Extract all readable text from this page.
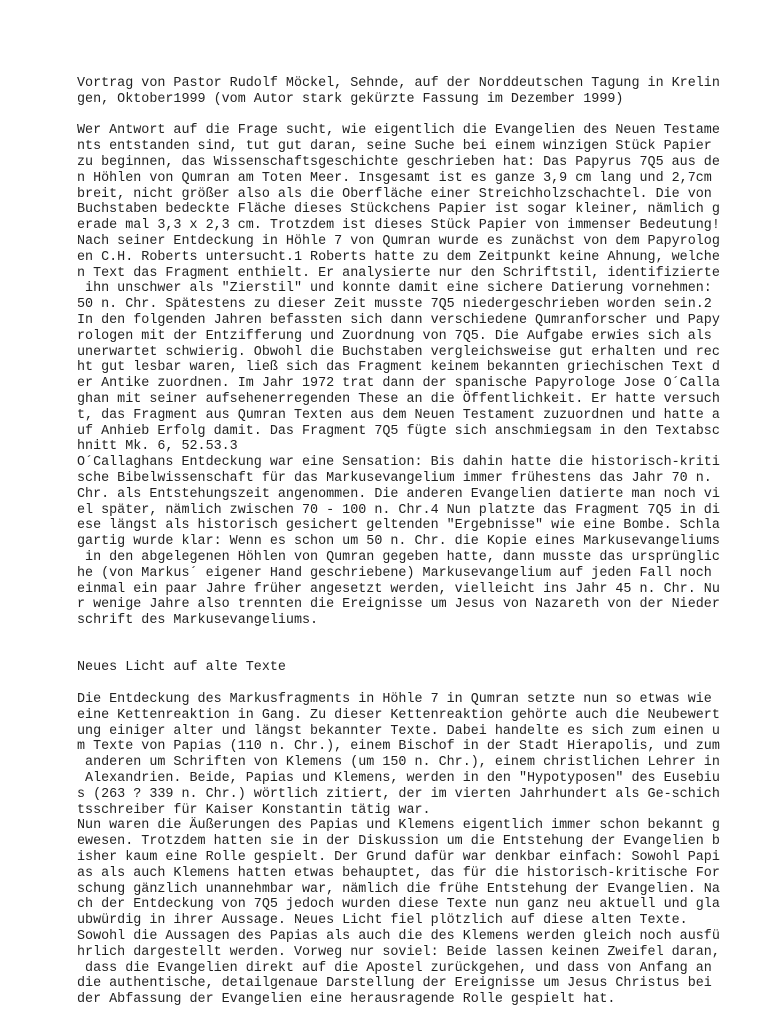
Vortrag von Pastor Rudolf Möckel, Sehnde, auf der Norddeutschen Tagung in Krelin
gen, Oktober1999 (vom Autor stark gekürzte Fassung im Dezember 1999)
Wer Antwort auf die Frage sucht, wie eigentlich die Evangelien des Neuen Testame
nts entstanden sind, tut gut daran, seine Suche bei einem winzigen Stück Papier
zu beginnen, das Wissenschaftsgeschichte geschrieben hat: Das Papyrus 7Q5 aus de
n Höhlen von Qumran am Toten Meer. Insgesamt ist es ganze 3,9 cm lang und 2,7cm
breit, nicht größer also als die Oberfläche einer Streichholzschachtel. Die von
Buchstaben bedeckte Fläche dieses Stückchens Papier ist sogar kleiner, nämlich g
erade mal 3,3 x 2,3 cm. Trotzdem ist dieses Stück Papier von immenser Bedeutung!
Nach seiner Entdeckung in Höhle 7 von Qumran wurde es zunächst von dem Papyrolog
en C.H. Roberts untersucht.1 Roberts hatte zu dem Zeitpunkt keine Ahnung, welche
n Text das Fragment enthielt. Er analysierte nur den Schriftstil, identifizierte
ihn unschwer als "Zierstil" und konnte damit eine sichere Datierung vornehmen:
50 n. Chr. Spätestens zu dieser Zeit musste 7Q5 niedergeschrieben worden sein.2
In den folgenden Jahren befassten sich dann verschiedene Qumranforscher und Papy
rologen mit der Entzifferung und Zuordnung von 7Q5. Die Aufgabe erwies sich als
unerwartet schwierig. Obwohl die Buchstaben vergleichsweise gut erhalten und rec
ht gut lesbar waren, ließ sich das Fragment keinem bekannten griechischen Text d
er Antike zuordnen. Im Jahr 1972 trat dann der spanische Papyrologe Jose O´Calla
ghan mit seiner aufsehenerregenden These an die Öffentlichkeit. Er hatte versuch
t, das Fragment aus Qumran Texten aus dem Neuen Testament zuzuordnen und hatte a
uf Anhieb Erfolg damit. Das Fragment 7Q5 fügte sich anschmiegsam in den Textabsc
hnitt Mk. 6, 52.53.3
O´Callaghans Entdeckung war eine Sensation: Bis dahin hatte die historisch-kriti
sche Bibelwissenschaft für das Markusevangelium immer frühestens das Jahr 70 n.
Chr. als Entstehungszeit angenommen. Die anderen Evangelien datierte man noch vi
el später, nämlich zwischen 70 - 100 n. Chr.4 Nun platzte das Fragment 7Q5 in di
ese längst als historisch gesichert geltenden "Ergebnisse" wie eine Bombe. Schla
gartig wurde klar: Wenn es schon um 50 n. Chr. die Kopie eines Markusevangeliums
in den abgelegenen Höhlen von Qumran gegeben hatte, dann musste das ursprünglic
he (von Markus´ eigener Hand geschriebene) Markusevangelium auf jeden Fall noch
einmal ein paar Jahre früher angesetzt werden, vielleicht ins Jahr 45 n. Chr. Nu
r wenige Jahre also trennten die Ereignisse um Jesus von Nazareth von der Nieder
schrift des Markusevangeliums.
Neues Licht auf alte Texte
Die Entdeckung des Markusfragments in Höhle 7 in Qumran setzte nun so etwas wie
eine Kettenreaktion in Gang. Zu dieser Kettenreaktion gehörte auch die Neubewert
ung einiger alter und längst bekannter Texte. Dabei handelte es sich zum einen u
m Texte von Papias (110 n. Chr.), einem Bischof in der Stadt Hierapolis, und zum
anderen um Schriften von Klemens (um 150 n. Chr.), einem christlichen Lehrer in
Alexandrien. Beide, Papias und Klemens, werden in den "Hypotyposen" des Eusebiu
s (263 ? 339 n. Chr.) wörtlich zitiert, der im vierten Jahrhundert als Ge-schich
tsschreiber für Kaiser Konstantin tätig war.
Nun waren die Äußerungen des Papias und Klemens eigentlich immer schon bekannt g
ewesen. Trotzdem hatten sie in der Diskussion um die Entstehung der Evangelien b
isher kaum eine Rolle gespielt. Der Grund dafür war denkbar einfach: Sowohl Papi
as als auch Klemens hatten etwas behauptet, das für die historisch-kritische For
schung gänzlich unannehmbar war, nämlich die frühe Entstehung der Evangelien. Na
ch der Entdeckung von 7Q5 jedoch wurden diese Texte nun ganz neu aktuell und gla
ubwürdig in ihrer Aussage. Neues Licht fiel plötzlich auf diese alten Texte.
Sowohl die Aussagen des Papias als auch die des Klemens werden gleich noch ausfü
hrlich dargestellt werden. Vorweg nur soviel: Beide lassen keinen Zweifel daran,
dass die Evangelien direkt auf die Apostel zurückgehen, und dass von Anfang an
die authentische, detailgenaue Darstellung der Ereignisse um Jesus Christus bei
der Abfassung der Evangelien eine herausragende Rolle gespielt hat.
